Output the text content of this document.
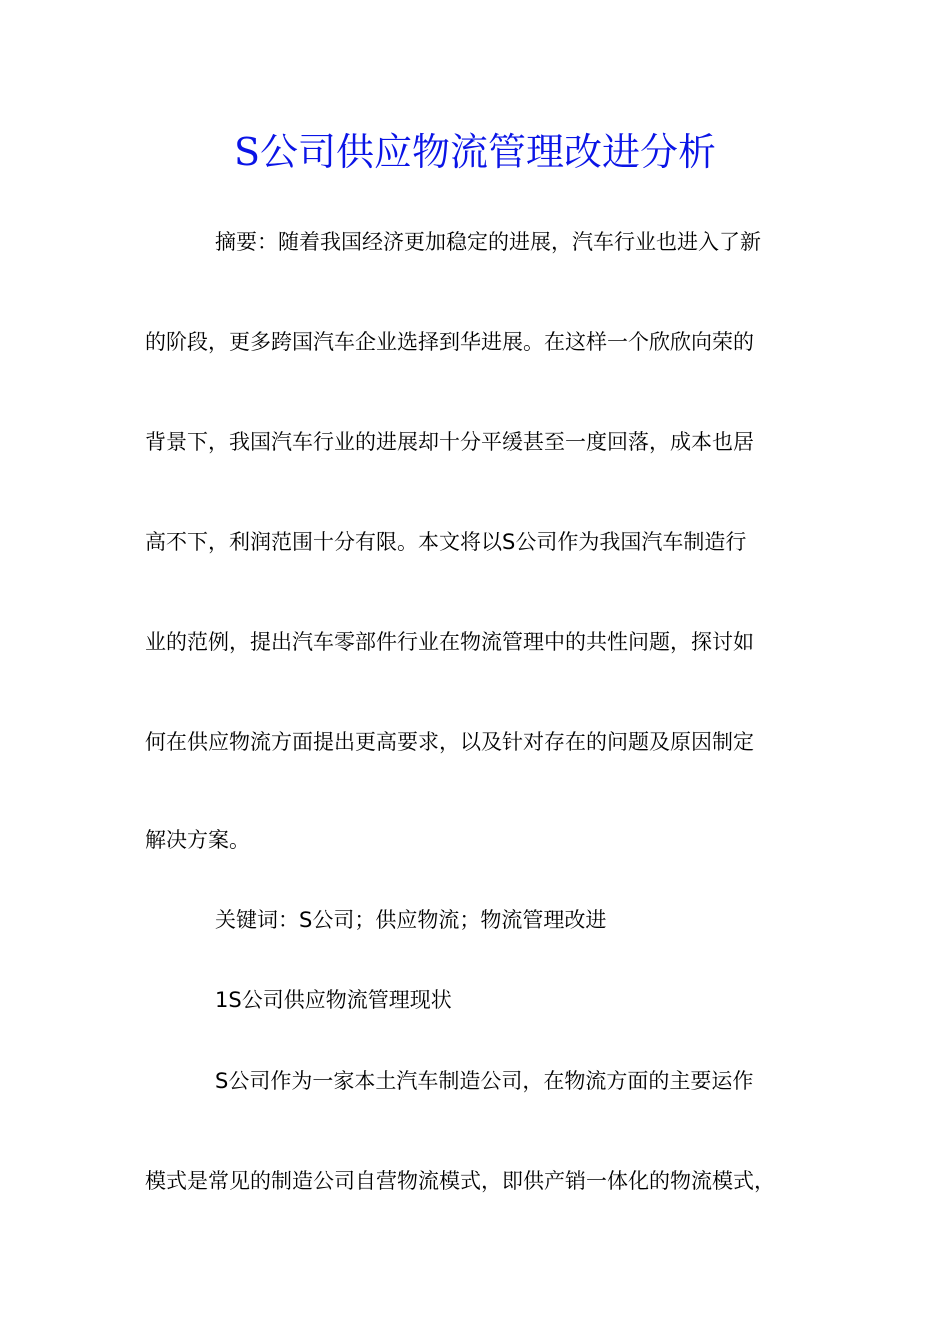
S公司供应物流管理改进分析
摘要：随着我国经济更加稳定的进展，汽车行业也进入了新
的阶段，更多跨国汽车企业选择到华进展。在这样一个欣欣向荣的
背景下，我国汽车行业的进展却十分平缓甚至一度回落，成本也居
高不下，利润范围十分有限。本文将以S公司作为我国汽车制造行
业的范例，提出汽车零部件行业在物流管理中的共性问题，探讨如
何在供应物流方面提出更高要求，以及针对存在的问题及原因制定
解决方案。
关键词：S公司；供应物流；物流管理改进
1S公司供应物流管理现状
S公司作为一家本土汽车制造公司，在物流方面的主要运作
模式是常见的制造公司自营物流模式，即供产销一体化的物流模式，
